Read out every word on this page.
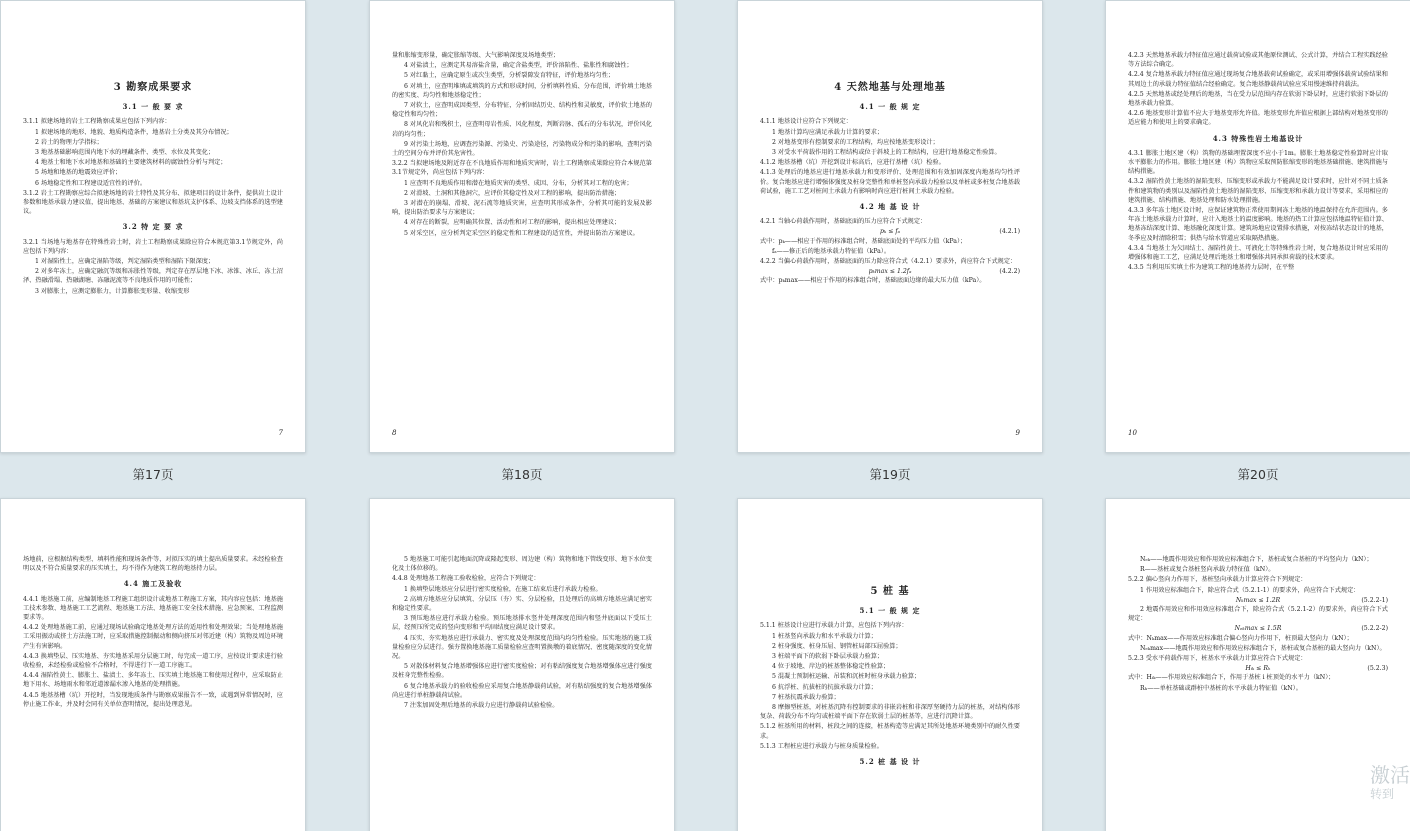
3 勘察成果要求
3.1 一 般 要 求
3.1.1 拟建场地的岩土工程勘察成果应包括下列内容：
1 拟建场地的地形、地貌、地质构造条件，地基岩土分类及其分布情况；
2 岩土的物理力学指标；
3 地基基础影响范围内地下水的埋藏条件、类型、水位及其变化；
4 地基土和地下水对地基和基础的主要建筑材料的腐蚀性分析与判定；
5 场地和地基的地震效应评价；
6 场地稳定性和工程建设适宜性的评价。
3.1.2 岩土工程勘察应综合拟建场地的岩土特性及其分布、拟建项目的设计条件，提供岩土设计参数和地基承载力建议值，提出地基、基础的方案建议和基坑支护体系、边坡支挡体系的选型建议。
3.2 特 定 要 求
3.2.1 当场地与地基存在特殊性岩土时，岩土工程勘察成果除应符合本规范第3.1节规定外，尚应包括下列内容：
1 对湿陷性土，应确定湿陷等级，判定湿陷类型和湿陷下限深度；
2 对多年冻土，应确定融沉等级和冻胀性等级，判定存在厚层地下冰、冰锥、冰丘、冻土沼泽、热融滑塌、热融湖塘、冻融泥流等不良地质作用的可能性；
3 对膨胀土，应测定膨胀力，计算膨胀变形量、收缩变形
7
第17页
量和胀缩变形量，确定胀缩等级、大气影响深度及场地类型；
4 对盐渍土，应测定其易溶盐含量，确定含盐类型，评价溶陷性、盐胀性和腐蚀性；
5 对红黏土，应确定原生或次生类型，分析裂隙发育特征，评价地基均匀性；
6 对填土，应查明堆填或填筑的方式和形成时间，分析填料性质、分布范围，评价填土地基的密实度、均匀性和地基稳定性；
7 对软土，应查明成因类型、分布特征，分析固结历史、结构性和灵敏度，评价软土地基的稳定性和均匀性；
8 对风化岩和残积土，应查明母岩性质、风化程度，判断岩脉、孤石的分布状况，评价风化岩的均匀性；
9 对污染土场地，应调查污染源、污染史、污染途径，污染物成分和污染的影响，查明污染土的空间分布并评价其危害性。
3.2.2 当拟建场地及附近存在不良地质作用和地质灾害时，岩土工程勘察成果除应符合本规范第3.1节规定外，尚应包括下列内容：
1 应查明不良地质作用和潜在地质灾害的类型、成因、分布，分析其对工程的危害；
2 对滑坡、土洞和其他洞穴，应评价其稳定性及对工程的影响，提出防治措施；
3 对潜在的崩塌、滑坡、泥石流等地质灾害，应查明其形成条件，分析其可能的发展及影响，提出防治要求与方案建议；
4 对存在的断裂，应明确其位置、活动性和对工程的影响，提出相应处理建议；
5 对采空区，应分析判定采空区的稳定性和工程建设的适宜性，并提出防治方案建议。
8
第18页
4 天然地基与处理地基
4.1 一 般 规 定
4.1.1 地基设计应符合下列规定：
1 地基计算均应满足承载力计算的要求；
2 对地基变形有控制要求的工程结构，均应按地基变形设计；
3 对受水平荷载作用的工程结构或位于斜坡上的工程结构，应进行地基稳定性验算。
4.1.2 地基基槽（坑）开挖到设计标高后，应进行基槽（坑）检验。
4.1.3 处理后的地基应进行地基承载力和变形评价、处理范围和有效加固深度内地基均匀性评价。复合地基应进行增强体强度及桩身完整性和单桩竖向承载力检验以及单桩或多桩复合地基载荷试验，施工工艺对桩间土承载力有影响时尚应进行桩间土承载力检验。
4.2 地 基 设 计
4.2.1 当轴心荷载作用时，基础底面的压力应符合下式规定：
pₖ ≤ fₐ	(4.2.1)
式中：pₖ——相应于作用的标准组合时，基础底面处的平均压力值（kPa）；
fₐ——修正后的地基承载力特征值（kPa）。
4.2.2 当偏心荷载作用时，基础底面的压力除应符合式（4.2.1）要求外，尚应符合下式规定：
pₖmax ≤ 1.2fₐ	(4.2.2)
式中：pₖmax——相应于作用的标准组合时，基础底面边缘的最大压力值（kPa）。
9
第19页
4.2.3 天然地基承载力特征值应通过载荷试验或其他原位测试、公式计算，并结合工程实践经验等方法综合确定。
4.2.4 复合地基承载力特征值应通过现场复合地基载荷试验确定，或采用增强体载荷试验结果和其周边土的承载力特征值结合经验确定。复合地基静载荷试验应采用慢速维持荷载法。
4.2.5 天然地基或经处理后的地基，当在受力层范围内存在软弱下卧层时，应进行软弱下卧层的地基承载力验算。
4.2.6 地基变形计算值不应大于地基变形允许值。地基变形允许值应根据上部结构对地基变形的适应能力和使用上的要求确定。
4.3 特殊性岩土地基设计
4.3.1 膨胀土地区建（构）筑物的基础埋置深度不应小于1m。膨胀土地基稳定性验算时应计取水平膨胀力的作用。膨胀土地区建（构）筑物应采取预防胀缩变形的地基基础措施、建筑措施与结构措施。
4.3.2 湿陷性黄土地基的湿陷变形、压缩变形或承载力不能满足设计要求时，应针对不同土质条件和建筑物的类别以及湿陷性黄土地基的湿陷变形、压缩变形和承载力设计等要求，采用相应的建筑措施、结构措施、地基处理和防水处理措施。
4.3.3 多年冻土地区设计时，应保证建筑物正常使用期间冻土地基的地温保持在允许范围内。多年冻土地基承载力计算时，应计入地基土的温度影响。地基的热工计算应包括地温特征值计算、地基冻结深度计算、地基融化深度计算。建筑场地应设置排水措施，对按冻结状态设计的地基，冬季应及时清除积雪；供热与给水管道应采取隔热措施。
4.3.4 当地基土为欠固结土、湿陷性黄土、可液化土等特殊性岩土时，复合地基设计时应采用的增强体和施工工艺，应满足处理后地基土和增强体共同承担荷载的技术要求。
4.3.5 当利用压实填土作为建筑工程的地基持力层时，在平整
10
第20页
场地前，应根据结构类型、填料性能和现场条件等，对拟压实的填土提出质量要求。未经检验查明以及不符合质量要求的压实填土，均不得作为建筑工程的地基持力层。
4.4 施工及验收
4.4.1 地基施工前，应编制地基工程施工组织设计或地基工程施工方案，其内容应包括：地基施工技术参数、地基施工工艺流程、地基施工方法、地基施工安全技术措施、应急预案、工程监测要求等。
4.4.2 处理地基施工前，应通过现场试验确定地基处理方法的适用性和处理效果；当处理地基施工采用振动或挤土方法施工时，应采取措施控制振动和侧向挤压对邻近建（构）筑物及周边环境产生有害影响。
4.4.3 换填垫层、压实地基、夯实地基采用分层施工时，每完成一道工序，应按设计要求进行验收检验，未经检验或检验不合格时，不得进行下一道工序施工。
4.4.4 湿陷性黄土、膨胀土、盐渍土、多年冻土、压实填土地基施工和使用过程中，应采取防止地下用水、场地雨水和邻近道渗漏水渗入地基的处理措施。
4.4.5 地基基槽（坑）开挖时，当发现地质条件与勘察成果报告不一致，或遇到异常情况时，应停止施工作业，并及时会同有关单位查明情况，提出处理意见。
5 地基施工可能引起地面沉降或隆起变形、周边建（构）筑物和地下管线变形、地下水位变化及土体位移的。
4.4.8 处理地基工程施工验收检验，应符合下列规定：
1 换填垫层地基应分层进行密实度检验，在施工结束后进行承载力检验。
2 高填方地基应分层填筑、分层压（夯）实、分层检验，且处理后的高填方地基应满足密实和稳定性要求。
3 预压地基应进行承载力检验。预压地基排水竖井处理深度范围内和竖井底面以下受压土层，经预压所完成的竖向变形和平均固结度应满足设计要求。
4 压实、夯实地基应进行承载力、密实度及处理深度范围内均匀性检验。压实地基的施工质量检验应分层进行。强夯置换地基施工质量检验应查明置换墩的着底情况、密度随深度的变化情况。
5 对散体材料复合地基增强体应进行密实度检验；对有粘结强度复合地基增强体应进行强度及桩身完整性检验。
6 复合地基承载力的验收检验应采用复合地基静载荷试验，对有粘结强度的复合地基增强体尚应进行单桩静载荷试验。
7 注浆加固处理后地基的承载力应进行静载荷试验检验。
5 桩 基
5.1 一 般 规 定
5.1.1 桩基设计应进行承载力计算，应包括下列内容：
1 桩基竖向承载力和水平承载力计算；
2 桩身强度、桩身压屈、钢管桩局部压屈验算；
3 桩端平面下的软弱下卧层承载力验算；
4 位于坡地、岸边的桩基整体稳定性验算；
5 混凝土预制桩运输、吊装和沉桩时桩身承载力验算；
6 抗浮桩、抗拔桩的抗拔承载力计算；
7 桩基抗震承载力验算；
8 摩擦型桩基，对桩基沉降有控制要求的非嵌岩桩和非深厚坚硬持力层的桩基，对结构体形复杂、荷载分布不均匀或桩端平面下存在软弱土层的桩基等，应进行沉降计算。
5.1.2 桩基所用的材料，桩段之间的连接，桩基构造等应满足其所处地基环境类别中的耐久性要求。
5.1.3 工程桩应进行承载力与桩身质量检验。
5.2 桩 基 设 计
Nₑₖ——地震作用效应和作用效应标准组合下，基桩或复合基桩的平均竖向力（kN）；
R——基桩或复合基桩竖向承载力特征值（kN）。
5.2.2 偏心竖向力作用下，基桩竖向承载力计算应符合下列规定：
1 作用效应标准组合下，除应符合式（5.2.1-1）的要求外，尚应符合下式规定：
Nₖmax ≤ 1.2R	(5.2.2-1)
2 地震作用效应和作用效应标准组合下，除应符合式（5.2.1-2）的要求外，尚应符合下式规定：
Nₑₖmax ≤ 1.5R	(5.2.2-2)
式中：Nₖmax——作用效应标准组合偏心竖向力作用下，桩顶最大竖向力（kN）；
Nₑₖmax——地震作用效应和作用效应标准组合下，基桩或复合基桩的最大竖向力（kN）。
5.2.3 受水平荷载作用下，桩基水平承载力计算应符合下式规定：
Hᵢₖ ≤ Rₕ	(5.2.3)
式中：Hᵢₖ——作用效应标准组合下，作用于基桩 i 桩顶处的水平力（kN）；
Rₕ——单桩基础或群桩中基桩的水平承载力特征值（kN）。
激活
转到
